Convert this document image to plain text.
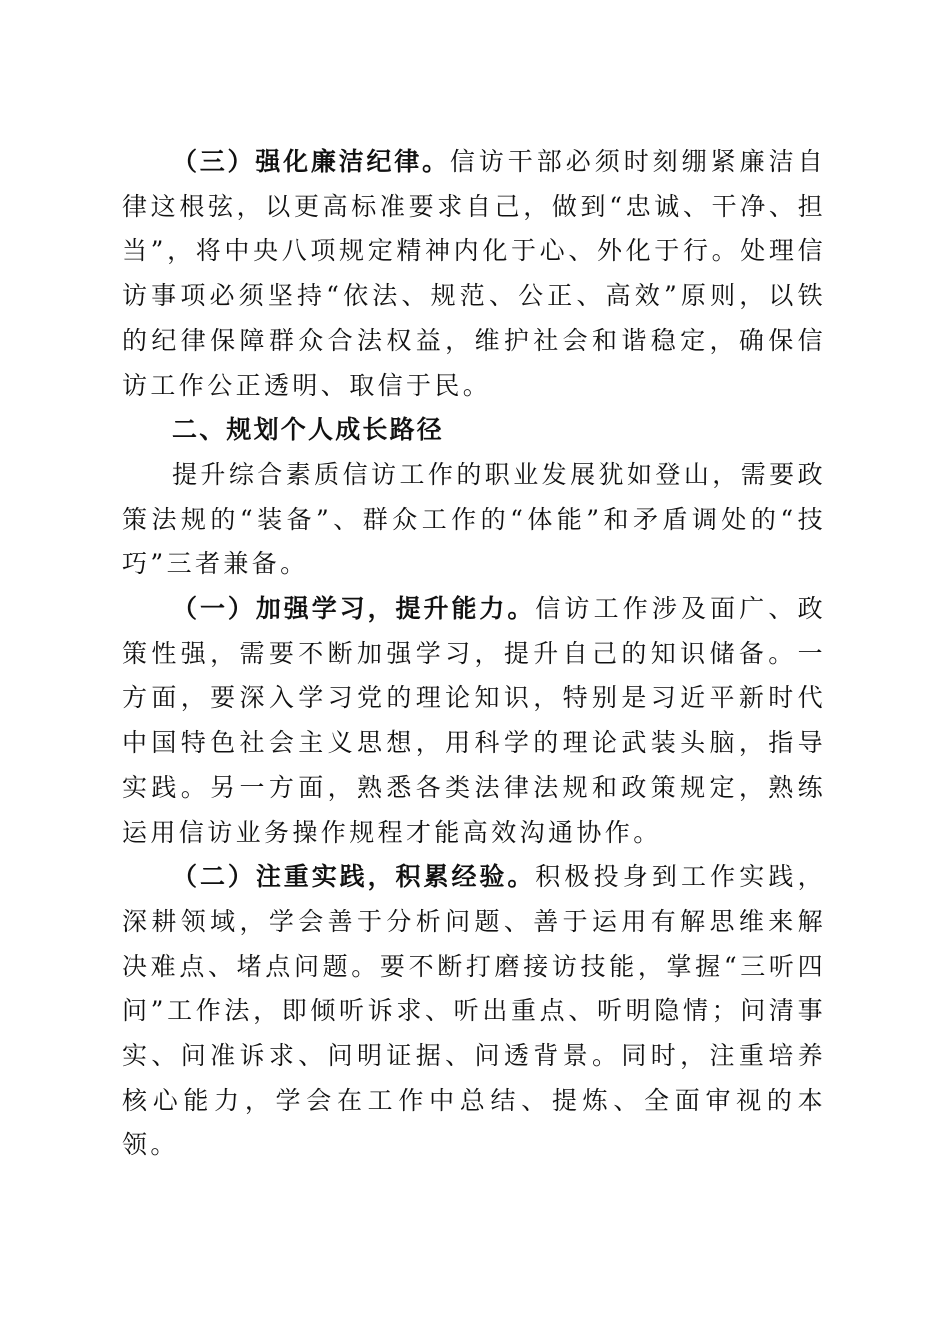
（三）强化廉洁纪律。信访干部必须时刻绷紧廉洁自律这根弦，以更高标准要求自己，做到“忠诚、干净、担当”，将中央八项规定精神内化于心、外化于行。处理信访事项必须坚持“依法、规范、公正、高效”原则，以铁的纪律保障群众合法权益，维护社会和谐稳定，确保信访工作公正透明、取信于民。

二、规划个人成长路径

提升综合素质信访工作的职业发展犹如登山，需要政策法规的“装备”、群众工作的“体能”和矛盾调处的“技巧”三者兼备。

（一）加强学习，提升能力。信访工作涉及面广、政策性强，需要不断加强学习，提升自己的知识储备。一方面，要深入学习党的理论知识，特别是习近平新时代中国特色社会主义思想，用科学的理论武装头脑，指导实践。另一方面，熟悉各类法律法规和政策规定，熟练运用信访业务操作规程才能高效沟通协作。

（二）注重实践，积累经验。积极投身到工作实践，深耕领域，学会善于分析问题、善于运用有解思维来解决难点、堵点问题。要不断打磨接访技能，掌握“三听四问”工作法，即倾听诉求、听出重点、听明隐情；问清事实、问准诉求、问明证据、问透背景。同时，注重培养核心能力，学会在工作中总结、提炼、全面审视的本领。
